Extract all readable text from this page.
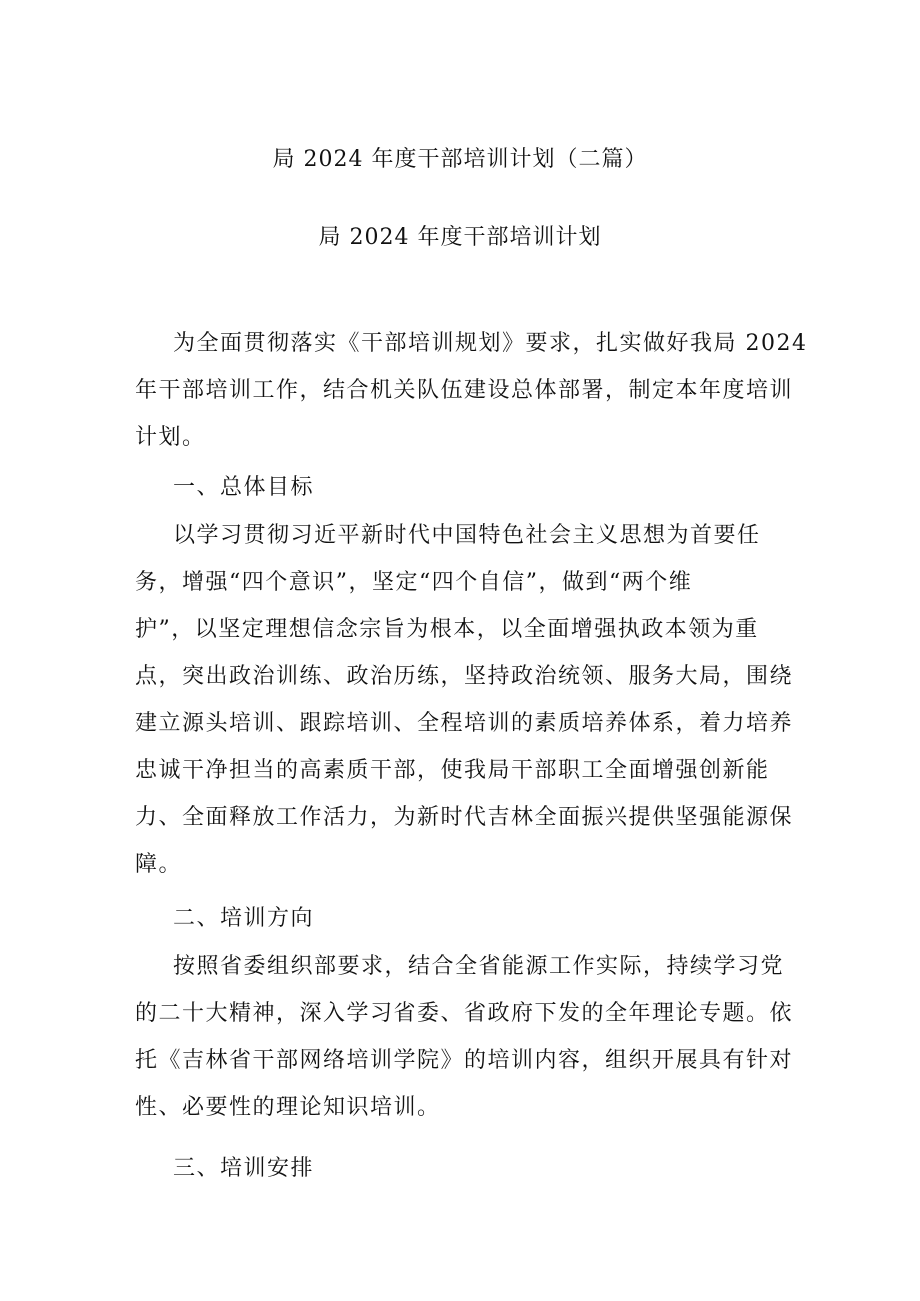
局 2024 年度干部培训计划（二篇）
局 2024 年度干部培训计划
为全面贯彻落实《干部培训规划》要求，扎实做好我局 2024
年干部培训工作，结合机关队伍建设总体部署，制定本年度培训
计划。
一、总体目标
以学习贯彻习近平新时代中国特色社会主义思想为首要任
务，增强“四个意识”，坚定“四个自信”，做到“两个维
护”，以坚定理想信念宗旨为根本，以全面增强执政本领为重
点，突出政治训练、政治历练，坚持政治统领、服务大局，围绕
建立源头培训、跟踪培训、全程培训的素质培养体系，着力培养
忠诚干净担当的高素质干部，使我局干部职工全面增强创新能
力、全面释放工作活力，为新时代吉林全面振兴提供坚强能源保
障。
二、培训方向
按照省委组织部要求，结合全省能源工作实际，持续学习党
的二十大精神，深入学习省委、省政府下发的全年理论专题。依
托《吉林省干部网络培训学院》的培训内容，组织开展具有针对
性、必要性的理论知识培训。
三、培训安排
